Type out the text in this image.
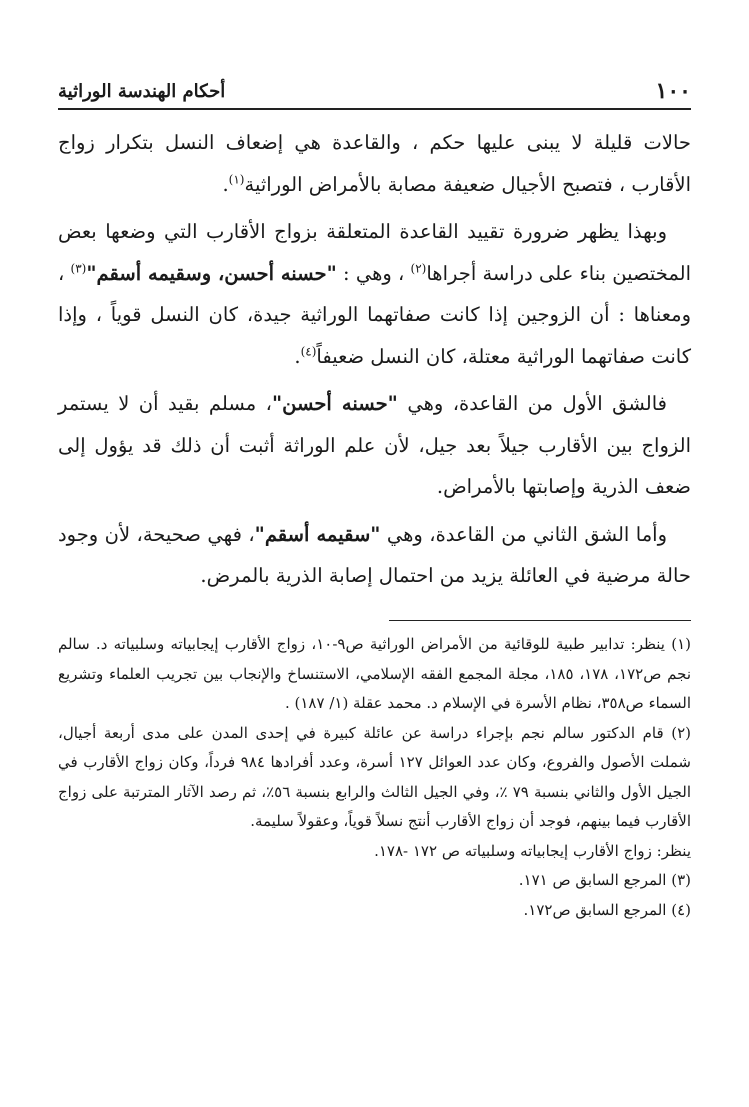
١٠٠
أحكام الهندسة الوراثية

حالات قليلة لا يبنى عليها حكم ، والقاعدة هي إضعاف النسل بتكرار زواج الأقارب ، فتصبح الأجيال ضعيفة مصابة بالأمراض الوراثية$^{(١)}$.

وبهذا يظهر ضرورة تقييد القاعدة المتعلقة بزواج الأقارب التي وضعها بعض المختصين بناء على دراسة أجراها$^{(٢)}$ ، وهي : "حسنه أحسن، وسقيمه أسقم"$^{(٣)}$ ، ومعناها : أن الزوجين إذا كانت صفاتهما الوراثية جيدة، كان النسل قوياً ، وإذا كانت صفاتهما الوراثية معتلة، كان النسل ضعيفاً$^{(٤)}$.

فالشق الأول من القاعدة، وهي "حسنه أحسن"، مسلم بقيد أن لا يستمر الزواج بين الأقارب جيلاً بعد جيل، لأن علم الوراثة أثبت أن ذلك قد يؤول إلى ضعف الذرية وإصابتها بالأمراض.

وأما الشق الثاني من القاعدة، وهي "سقيمه أسقم"، فهي صحيحة، لأن وجود حالة مرضية في العائلة يزيد من احتمال إصابة الذرية بالمرض.

(١) ينظر: تدابير طبية للوقائية من الأمراض الوراثية ص٩-١٠، زواج الأقارب إيجابياته وسلبياته د. سالم نجم ص١٧٢، ١٧٨، ١٨٥، مجلة المجمع الفقه الإسلامي، الاستنساخ والإنجاب بين تجريب العلماء وتشريع السماء ص٣٥٨، نظام الأسرة في الإسلام د. محمد عقلة (١/ ١٨٧) .

(٢) قام الدكتور سالم نجم بإجراء دراسة عن عائلة كبيرة في إحدى المدن على مدى أربعة أجيال، شملت الأصول والفروع، وكان عدد العوائل ١٢٧ أسرة، وعدد أفرادها ٩٨٤ فرداً، وكان زواج الأقارب في الجيل الأول والثاني بنسبة ٧٩ ٪، وفي الجيل الثالث والرابع بنسبة ٥٦٪، ثم رصد الآثار المترتبة على زواج الأقارب فيما بينهم، فوجد أن زواج الأقارب أنتج نسلاً قوياً، وعقولاً سليمة.

ينظر: زواج الأقارب إيجابياته وسلبياته ص ١٧٢ -١٧٨.

(٣) المرجع السابق ص ١٧١.

(٤) المرجع السابق ص١٧٢.
